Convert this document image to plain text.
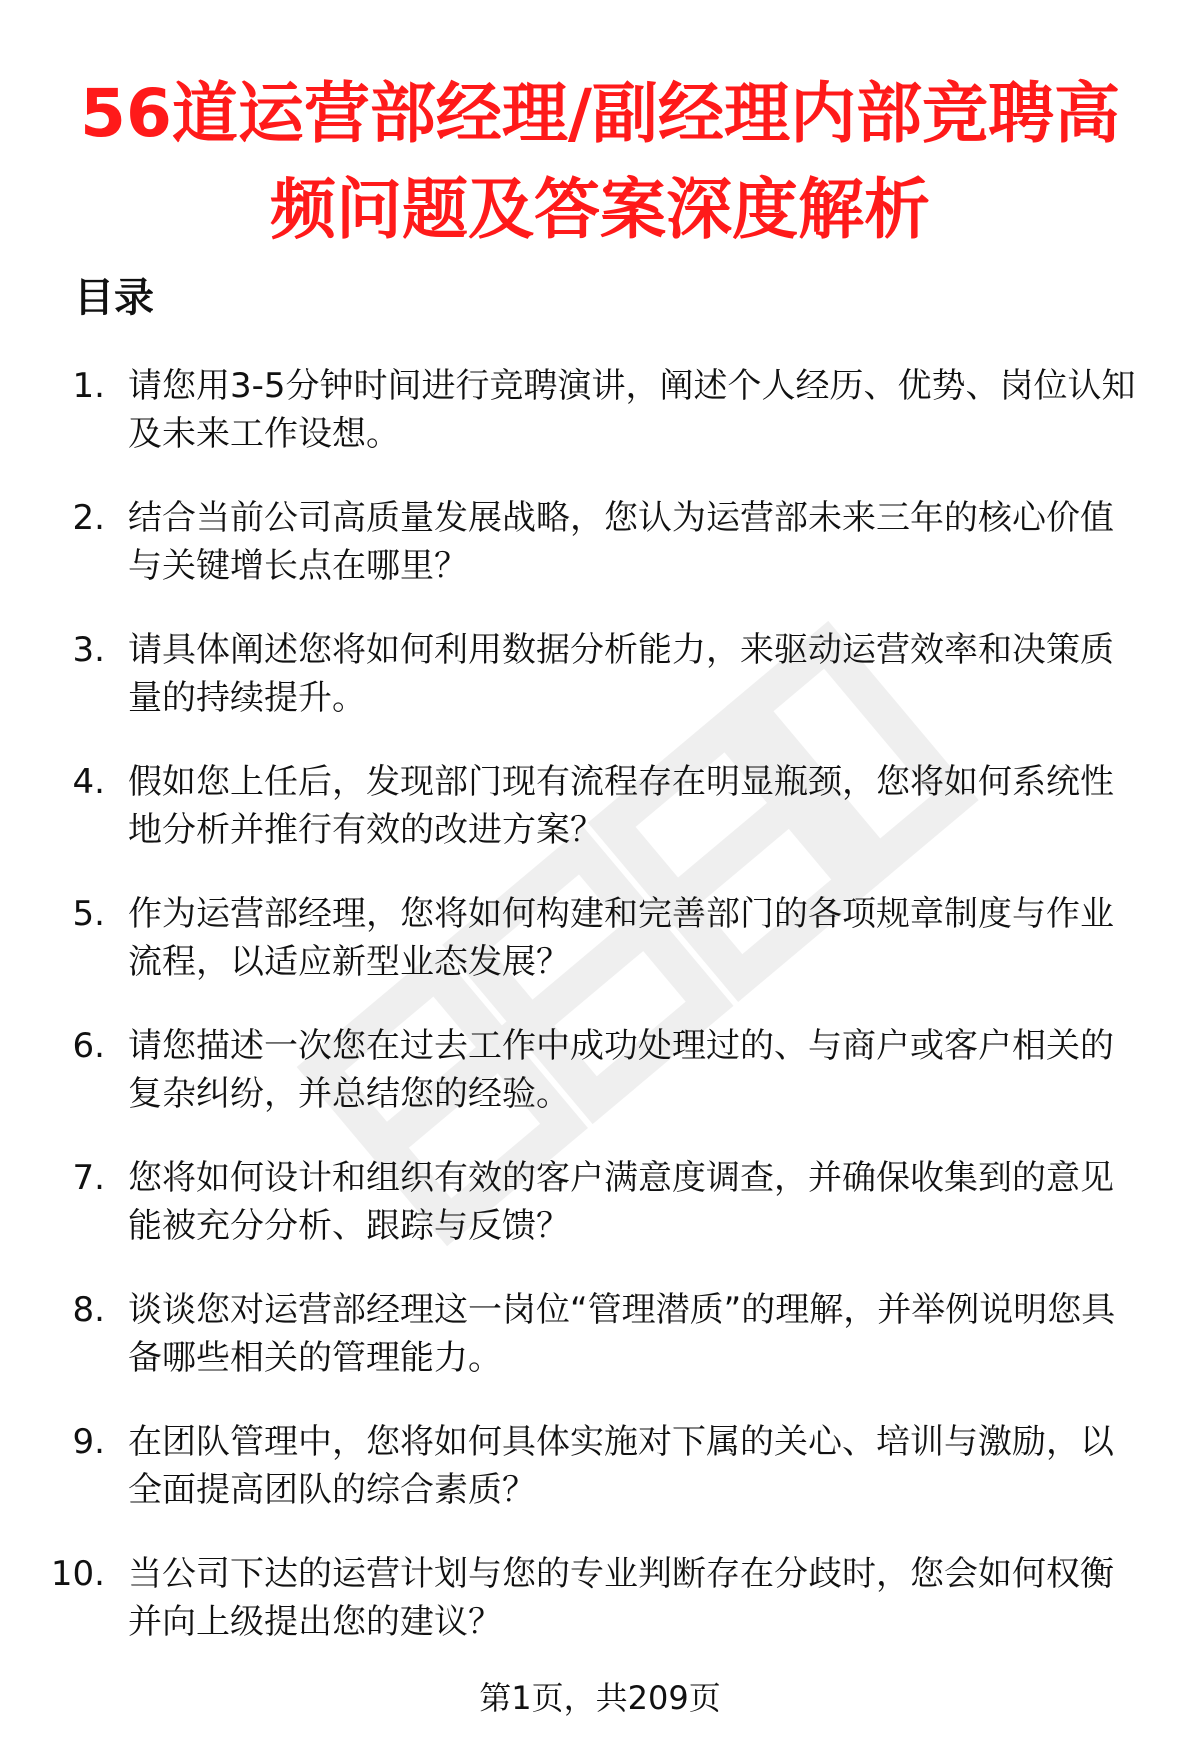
56道运营部经理/副经理内部竞聘高频问题及答案深度解析
目录
1. 请您用3-5分钟时间进行竞聘演讲，阐述个人经历、优势、岗位认知及未来工作设想。
2. 结合当前公司高质量发展战略，您认为运营部未来三年的核心价值与关键增长点在哪里？
3. 请具体阐述您将如何利用数据分析能力，来驱动运营效率和决策质量的持续提升。
4. 假如您上任后，发现部门现有流程存在明显瓶颈，您将如何系统性地分析并推行有效的改进方案？
5. 作为运营部经理，您将如何构建和完善部门的各项规章制度与作业流程，以适应新型业态发展？
6. 请您描述一次您在过去工作中成功处理过的、与商户或客户相关的复杂纠纷，并总结您的经验。
7. 您将如何设计和组织有效的客户满意度调查，并确保收集到的意见能被充分分析、跟踪与反馈？
8. 谈谈您对运营部经理这一岗位“管理潜质”的理解，并举例说明您具备哪些相关的管理能力。
9. 在团队管理中，您将如何具体实施对下属的关心、培训与激励，以全面提高团队的综合素质？
10. 当公司下达的运营计划与您的专业判断存在分歧时，您会如何权衡并向上级提出您的建议？
第1页，共209页
